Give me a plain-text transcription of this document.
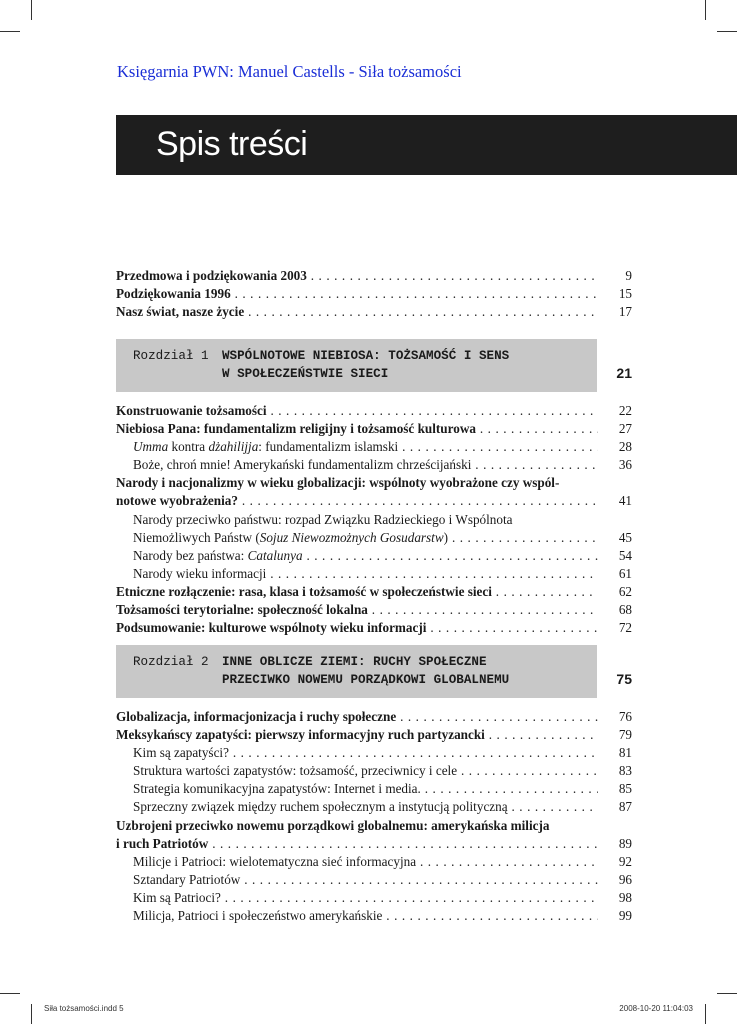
Księgarnia PWN: Manuel Castells - Siła tożsamości
Spis treści
Przedmowa i podziękowania 2003 . . .	9
Podziękowania 1996 . . .	15
Nasz świat, nasze życie . . .	17
Rozdział 1 WSPÓLNOTOWE NIEBIOSA: TOŻSAMOŚĆ I SENS
W SPOŁECZEŃSTWIE SIECI	21
Konstruowanie tożsamości . . .	22
Niebiosa Pana: fundamentalizm religijny i tożsamość kulturowa . . .	27
Umma kontra dżahilijja: fundamentalizm islamski . . .	28
Boże, chroń mnie! Amerykański fundamentalizm chrześcijański . . .	36
Narody i nacjonalizmy w wieku globalizacji: wspólnoty wyobrażone czy wspól-
notowe wyobrażenia? . . .	41
Narody przeciwko państwu: rozpad Związku Radzieckiego i Wspólnota
Niemożliwych Państw (Sojuz Niewozmożnych Gosudarstw) . . .	45
Narody bez państwa: Catalunya . . .	54
Narody wieku informacji . . .	61
Etniczne rozłączenie: rasa, klasa i tożsamość w społeczeństwie sieci . . .	62
Tożsamości terytorialne: społeczność lokalna . . .	68
Podsumowanie: kulturowe wspólnoty wieku informacji . . .	72
Rozdział 2 INNE OBLICZE ZIEMI: RUCHY SPOŁECZNE
PRZECIWKO NOWEMU PORZĄDKOWI GLOBALNEMU	75
Globalizacja, informacjonizacja i ruchy społeczne . . .	76
Meksykańscy zapatyści: pierwszy informacyjny ruch partyzancki . . .	79
Kim są zapatyści? . . .	81
Struktura wartości zapatystów: tożsamość, przeciwnicy i cele . . .	83
Strategia komunikacyjna zapatystów: Internet i media. . . .	85
Sprzeczny związek między ruchem społecznym a instytucją polityczną . . .	87
Uzbrojeni przeciwko nowemu porządkowi globalnemu: amerykańska milicja
i ruch Patriotów . . .	89
Milicje i Patrioci: wielotematyczna sieć informacyjna . . .	92
Sztandary Patriotów . . .	96
Kim są Patrioci? . . .	98
Milicja, Patrioci i społeczeństwo amerykańskie . . .	99
Siła tożsamości.indd 5	2008-10-20 11:04:03
